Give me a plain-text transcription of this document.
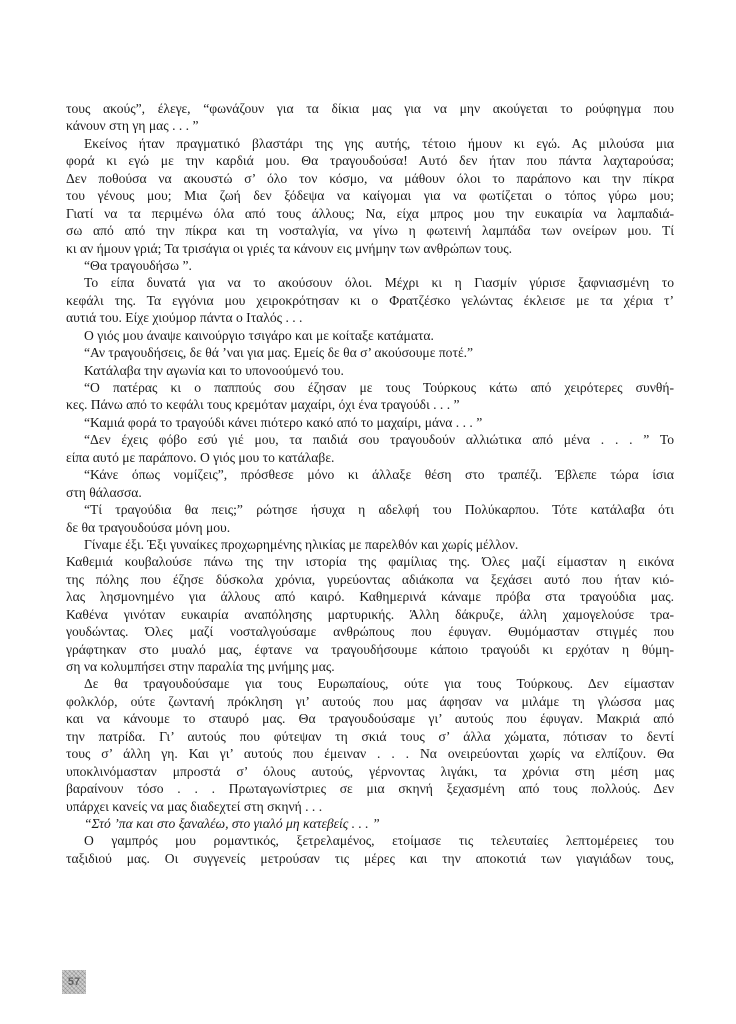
τους ακούς”, έλεγε, “φωνάζουν για τα δίκια μας για να μην ακούγεται το ρούφηγμα που
κάνουν στη γη μας . . . ”
Εκείνος ήταν πραγματικό βλαστάρι της γης αυτής, τέτοιο ήμουν κι εγώ. Ας μιλούσα μια
φορά κι εγώ με την καρδιά μου. Θα τραγουδούσα! Αυτό δεν ήταν που πάντα λαχταρούσα;
Δεν ποθούσα να ακουστώ σ’ όλο τον κόσμο, να μάθουν όλοι το παράπονο και την πίκρα
του γένους μου; Μια ζωή δεν ξόδεψα να καίγομαι για να φωτίζεται ο τόπος γύρω μου;
Γιατί να τα περιμένω όλα από τους άλλους; Να, είχα μπρος μου την ευκαιρία να λαμπαδιά-
σω από από την πίκρα και τη νοσταλγία, να γίνω η φωτεινή λαμπάδα των ονείρων μου. Τί
κι αν ήμουν γριά; Τα τρισάγια οι γριές τα κάνουν εις μνήμην των ανθρώπων τους.
“Θα τραγουδήσω ”.
Το είπα δυνατά για να το ακούσουν όλοι. Μέχρι κι η Γιασμίν γύρισε ξαφνιασμένη το
κεφάλι της. Τα εγγόνια μου χειροκρότησαν κι ο Φρατζέσκο γελώντας έκλεισε με τα χέρια τ’
αυτιά του. Είχε χιούμορ πάντα ο Ιταλός . . .
Ο γιός μου άναψε καινούργιο τσιγάρο και με κοίταξε κατάματα.
“Αν τραγουδήσεις, δε θά ’ναι για μας. Εμείς δε θα σ’ ακούσουμε ποτέ.”
Κατάλαβα την αγωνία και το υπονοούμενό του.
“Ο πατέρας κι ο παππούς σου έζησαν με τους Τούρκους κάτω από χειρότερες συνθή-
κες. Πάνω από το κεφάλι τους κρεμόταν μαχαίρι, όχι ένα τραγούδι . . . ”
“Καμιά φορά το τραγούδι κάνει πιότερο κακό από το μαχαίρι, μάνα . . . ”
“Δεν έχεις φόβο εσύ γιέ μου, τα παιδιά σου τραγουδούν αλλιώτικα από μένα . . . ” Το
είπα αυτό με παράπονο. Ο γιός μου το κατάλαβε.
“Κάνε όπως νομίζεις”, πρόσθεσε μόνο κι άλλαξε θέση στο τραπέζι. Έβλεπε τώρα ίσια
στη θάλασσα.
“Τί τραγούδια θα πεις;” ρώτησε ήσυχα η αδελφή του Πολύκαρπου. Τότε κατάλαβα ότι
δε θα τραγουδούσα μόνη μου.
Γίναμε έξι. Έξι γυναίκες προχωρημένης ηλικίας με παρελθόν και χωρίς μέλλον.
Καθεμιά κουβαλούσε πάνω της την ιστορία της φαμίλιας της. Όλες μαζί είμασταν η εικόνα
της πόλης που έζησε δύσκολα χρόνια, γυρεύοντας αδιάκοπα να ξεχάσει αυτό που ήταν κιό-
λας λησμονημένο για άλλους από καιρό. Καθημερινά κάναμε πρόβα στα τραγούδια μας.
Καθένα γινόταν ευκαιρία αναπόλησης μαρτυρικής. Άλλη δάκρυζε, άλλη χαμογελούσε τρα-
γουδώντας. Όλες μαζί νοσταλγούσαμε ανθρώπους που έφυγαν. Θυμόμασταν στιγμές που
γράφτηκαν στο μυαλό μας, έφτανε να τραγουδήσουμε κάποιο τραγούδι κι ερχόταν η θύμη-
ση να κολυμπήσει στην παραλία της μνήμης μας.
Δε θα τραγουδούσαμε για τους Ευρωπαίους, ούτε για τους Τούρκους. Δεν είμασταν
φολκλόρ, ούτε ζωντανή πρόκληση γι’ αυτούς που μας άφησαν να μιλάμε τη γλώσσα μας
και να κάνουμε το σταυρό μας. Θα τραγουδούσαμε γι’ αυτούς που έφυγαν. Μακριά από
την πατρίδα. Γι’ αυτούς που φύτεψαν τη σκιά τους σ’ άλλα χώματα, πότισαν το δεντί
τους σ’ άλλη γη. Και γι’ αυτούς που έμειναν . . . Να ονειρεύονται χωρίς να ελπίζουν. Θα
υποκλινόμασταν μπροστά σ’ όλους αυτούς, γέρνοντας λιγάκι, τα χρόνια στη μέση μας
βαραίνουν τόσο . . . Πρωταγωνίστριες σε μια σκηνή ξεχασμένη από τους πολλούς. Δεν
υπάρχει κανείς να μας διαδεχτεί στη σκηνή . . .
“Στό ’πα και στο ξαναλέω, στο γιαλό μη κατεβείς . . . ”
Ο γαμπρός μου ρομαντικός, ξετρελαμένος, ετοίμασε τις τελευταίες λεπτομέρειες του
ταξιδιού μας. Οι συγγενείς μετρούσαν τις μέρες και την αποκοτιά των γιαγιάδων τους,
57
